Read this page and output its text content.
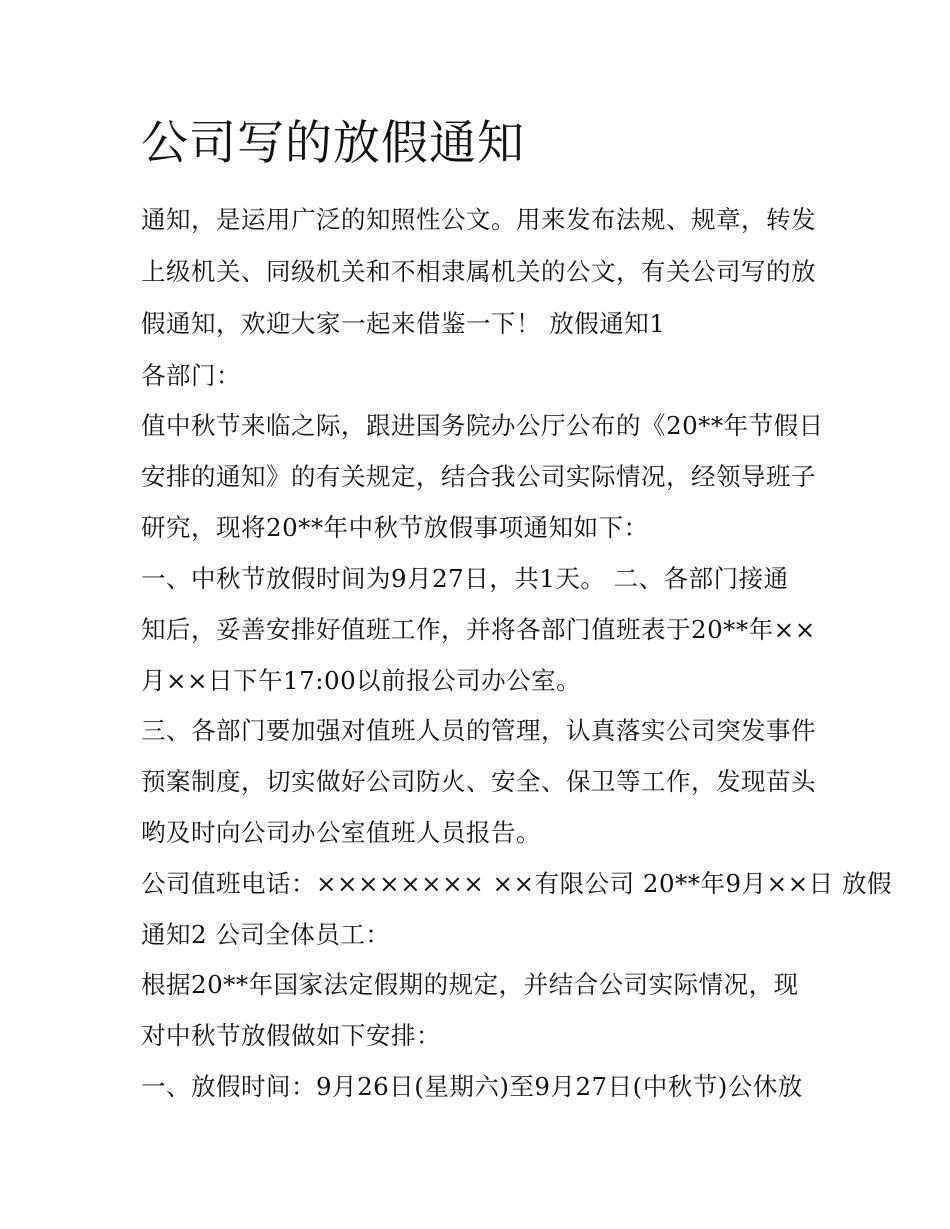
公司写的放假通知
通知，是运用广泛的知照性公文。用来发布法规、规章，转发
上级机关、同级机关和不相隶属机关的公文，有关公司写的放
假通知，欢迎大家一起来借鉴一下！ 放假通知1
各部门：
值中秋节来临之际，跟进国务院办公厅公布的《20**年节假日
安排的通知》的有关规定，结合我公司实际情况，经领导班子
研究，现将20**年中秋节放假事项通知如下：
一、中秋节放假时间为9月27日，共1天。 二、各部门接通
知后，妥善安排好值班工作，并将各部门值班表于20**年××
月××日下午17:00以前报公司办公室。
三、各部门要加强对值班人员的管理，认真落实公司突发事件
预案制度，切实做好公司防火、安全、保卫等工作，发现苗头
哟及时向公司办公室值班人员报告。
公司值班电话：×××××××× ××有限公司 20**年9月××日 放假
通知2 公司全体员工：
根据20**年国家法定假期的规定，并结合公司实际情况，现
对中秋节放假做如下安排：
一、放假时间：9月26日(星期六)至9月27日(中秋节)公休放
